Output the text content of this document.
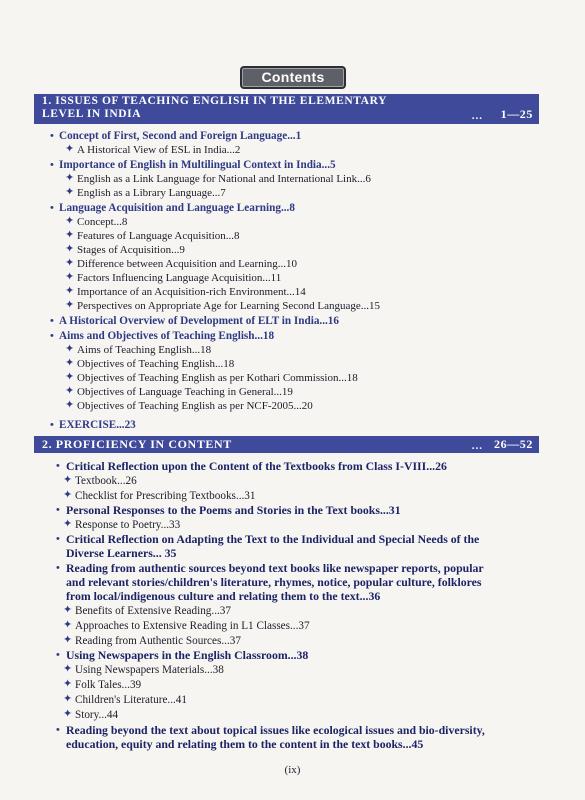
Contents
1. ISSUES OF TEACHING ENGLISH IN THE ELEMENTARY
LEVEL IN INDIA	... 1—25
• Concept of First, Second and Foreign Language...1
✦ A Historical View of ESL in India...2
• Importance of English in Multilingual Context in India...5
✦ English as a Link Language for National and International Link...6
✦ English as a Library Language...7
• Language Acquisition and Language Learning...8
✦ Concept...8
✦ Features of Language Acquisition...8
✦ Stages of Acquisition...9
✦ Difference between Acquisition and Learning...10
✦ Factors Influencing Language Acquisition...11
✦ Importance of an Acquisition-rich Environment...14
✦ Perspectives on Appropriate Age for Learning Second Language...15
• A Historical Overview of Development of ELT in India...16
• Aims and Objectives of Teaching English...18
✦ Aims of Teaching English...18
✦ Objectives of Teaching English...18
✦ Objectives of Teaching English as per Kothari Commission...18
✦ Objectives of Language Teaching in General...19
✦ Objectives of Teaching English as per NCF-2005...20
• EXERCISE...23
2. PROFICIENCY IN CONTENT	... 26—52
• Critical Reflection upon the Content of the Textbooks from Class I-VIII...26
✦ Textbook...26
✦ Checklist for Prescribing Textbooks...31
• Personal Responses to the Poems and Stories in the Text books...31
✦ Response to Poetry...33
• Critical Reflection on Adapting the Text to the Individual and Special Needs of the
Diverse Learners... 35
• Reading from authentic sources beyond text books like newspaper reports, popular
and relevant stories/children's literature, rhymes, notice, popular culture, folklores
from local/indigenous culture and relating them to the text...36
✦ Benefits of Extensive Reading...37
✦ Approaches to Extensive Reading in L1 Classes...37
✦ Reading from Authentic Sources...37
• Using Newspapers in the English Classroom...38
✦ Using Newspapers Materials...38
✦ Folk Tales...39
✦ Children's Literature...41
✦ Story...44
• Reading beyond the text about topical issues like ecological issues and bio-diversity,
education, equity and relating them to the content in the text books...45
(ix)
